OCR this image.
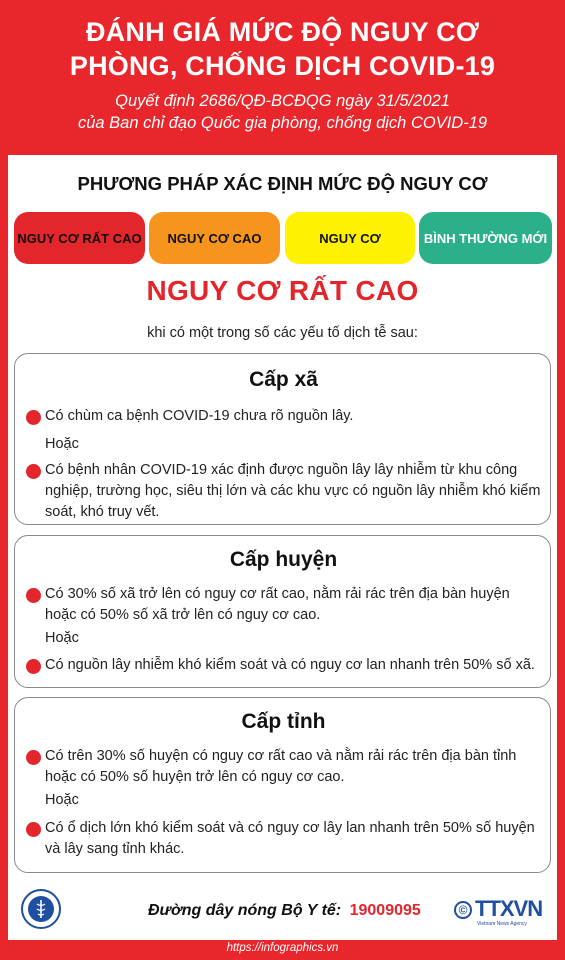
ĐÁNH GIÁ MỨC ĐỘ NGUY CƠ
PHÒNG, CHỐNG DỊCH COVID-19
Quyết định 2686/QĐ-BCĐQG ngày 31/5/2021
của Ban chỉ đạo Quốc gia phòng, chống dịch COVID-19
PHƯƠNG PHÁP XÁC ĐỊNH MỨC ĐỘ NGUY CƠ
NGUY CƠ RẤT CAO	NGUY CƠ CAO	NGUY CƠ	BÌNH THƯỜNG MỚI
NGUY CƠ RẤT CAO
khi có một trong số các yếu tố dịch tễ sau:
Cấp xã
Có chùm ca bệnh COVID-19 chưa rõ nguồn lây.
Hoặc
Có bệnh nhân COVID-19 xác định được nguồn lây lây nhiễm từ khu công nghiệp, trường học, siêu thị lớn và các khu vực có nguồn lây nhiễm khó kiểm soát, khó truy vết.
Cấp huyện
Có 30% số xã trở lên có nguy cơ rất cao, nằm rải rác trên địa bàn huyện hoặc có 50% số xã trở lên có nguy cơ cao.
Hoặc
Có nguồn lây nhiễm khó kiểm soát và có nguy cơ lan nhanh trên 50% số xã.
Cấp tỉnh
Có trên 30% số huyện có nguy cơ rất cao và nằm rải rác trên địa bàn tỉnh hoặc có 50% số huyện trở lên có nguy cơ cao.
Hoặc
Có ổ dịch lớn khó kiểm soát và có nguy cơ lây lan nhanh trên 50% số huyện và lây sang tỉnh khác.
Đường dây nóng Bộ Y tế: 19009095	© TTXVN
Vietnam News Agency
https://infographics.vn
